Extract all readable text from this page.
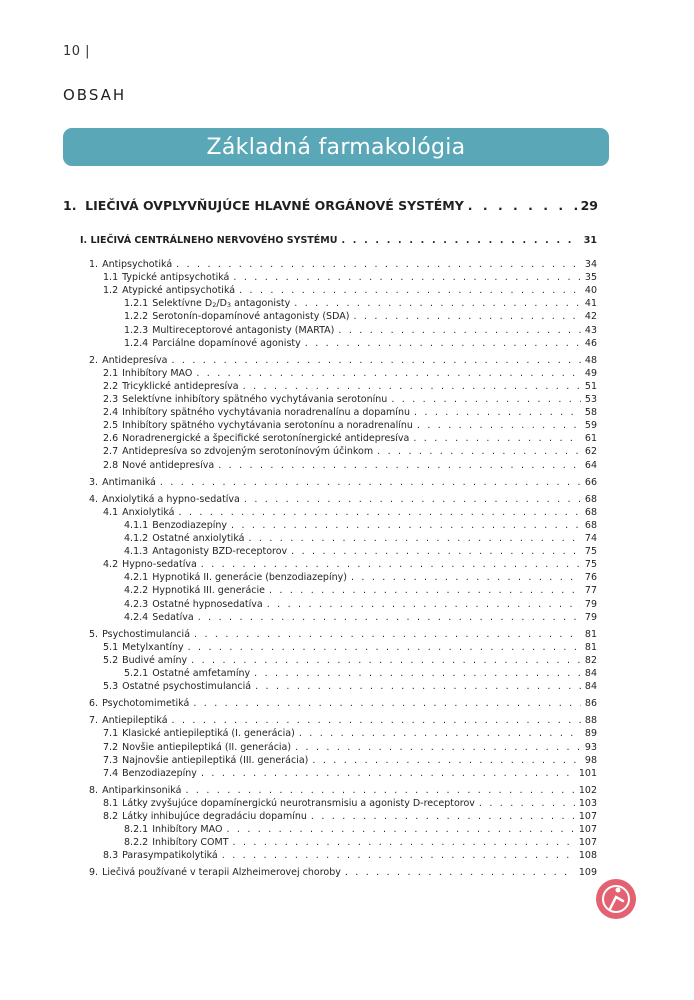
10 |
OBSAH
Základná farmakológia
1. LIEČIVÁ OVPLYVŇUJÚCE HLAVNÉ ORGÁNOVÉ SYSTÉMY . . .	29
I. LIEČIVÁ CENTRÁLNEHO NERVOVÉHO SYSTÉMU . . .	31
1. Antipsychotiká . . .	34
1.1 Typické antipsychotiká . . .	35
1.2 Atypické antipsychotiká . . .	40
1.2.1 Selektívne $D_2/D_3$ antagonisty . . .	41
1.2.2 Serotonín-dopamínové antagonisty (SDA) . . .	42
1.2.3 Multireceptorové antagonisty (MARTA) . . .	43
1.2.4 Parciálne dopamínové agonisty . . .	46
2. Antidepresíva . . .	48
2.1 Inhibítory MAO . . .	49
2.2 Tricyklické antidepresíva . . .	51
2.3 Selektívne inhibítory spätného vychytávania serotonínu . . .	53
2.4 Inhibítory spätného vychytávania noradrenalínu a dopamínu . . .	58
2.5 Inhibítory spätného vychytávania serotonínu a noradrenalínu . . .	59
2.6 Noradrenergické a špecifické serotonínergické antidepresíva . . .	61
2.7 Antidepresíva so zdvojeným serotonínovým účinkom . . .	62
2.8 Nové antidepresíva . . .	64
3. Antimaniká . . .	66
4. Anxiolytiká a hypno-sedatíva . . .	68
4.1 Anxiolytiká . . .	68
4.1.1 Benzodiazepíny . . .	68
4.1.2 Ostatné anxiolytiká . . .	74
4.1.3 Antagonisty BZD-receptorov . . .	75
4.2 Hypno-sedatíva . . .	75
4.2.1 Hypnotiká II. generácie (benzodiazepíny) . . .	76
4.2.2 Hypnotiká III. generácie . . .	77
4.2.3 Ostatné hypnosedatíva . . .	79
4.2.4 Sedatíva . . .	79
5. Psychostimulanciá . . .	81
5.1 Metylxantíny . . .	81
5.2 Budivé amíny . . .	82
5.2.1 Ostatné amfetamíny . . .	84
5.3 Ostatné psychostimulanciá . . .	84
6. Psychotomimetiká . . .	86
7. Antiepileptiká . . .	88
7.1 Klasické antiepileptiká (I. generácia) . . .	89
7.2 Novšie antiepileptiká (II. generácia) . . .	93
7.3 Najnovšie antiepileptiká (III. generácia) . . .	98
7.4 Benzodiazepíny . . .	101
8. Antiparkinsoniká . . .	102
8.1 Látky zvyšujúce dopamínergickú neurotransmisiu a agonisty D-receptorov . . .	103
8.2 Látky inhibujúce degradáciu dopamínu . . .	107
8.2.1 Inhibítory MAO . . .	107
8.2.2 Inhibítory COMT . . .	107
8.3 Parasympatikolytiká . . .	108
9. Liečivá používané v terapii Alzheimerovej choroby . . .	109
